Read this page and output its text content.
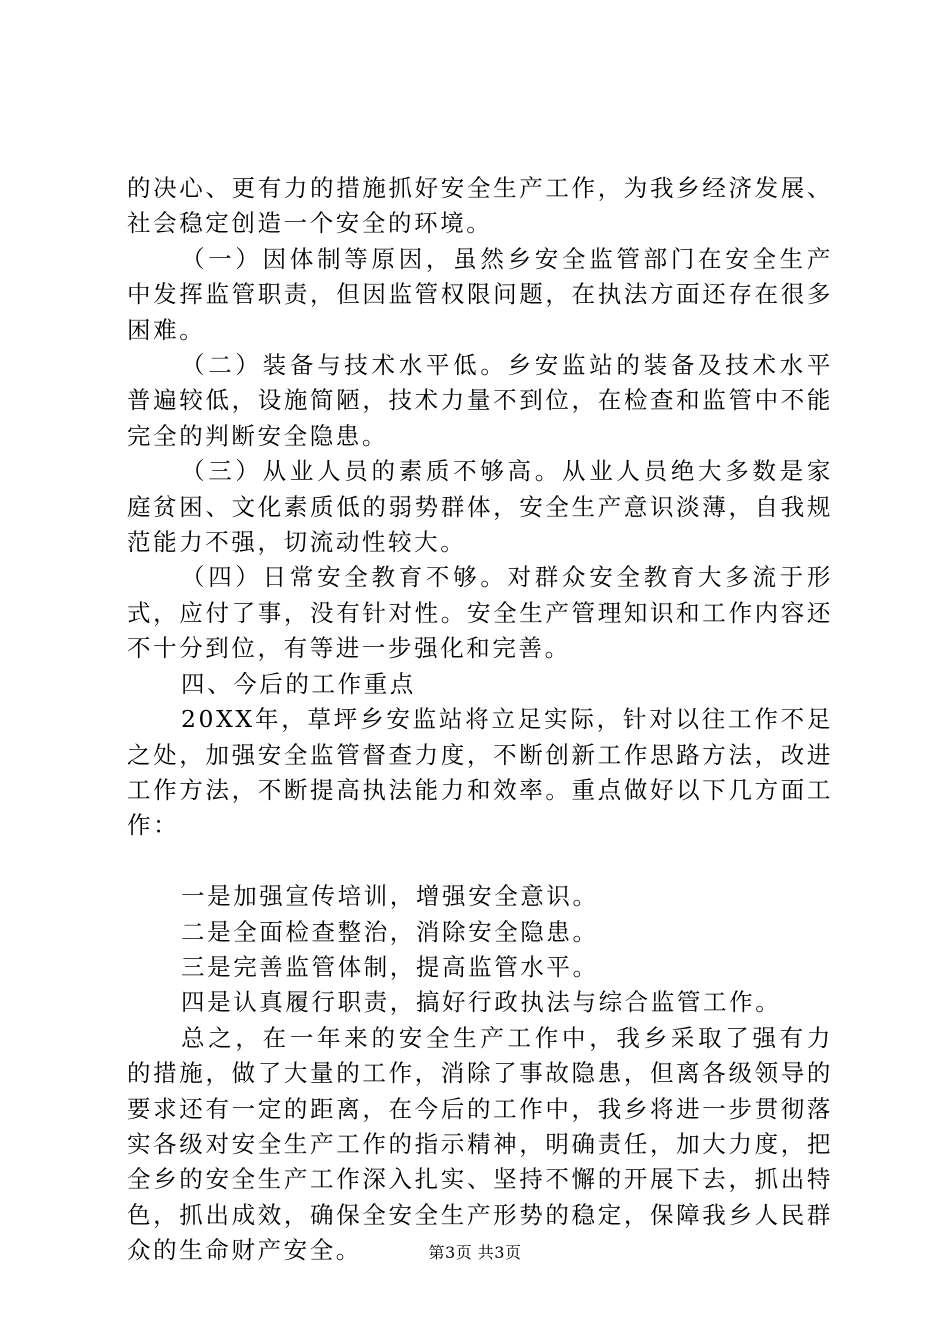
的决心、更有力的措施抓好安全生产工作，为我乡经济发展、社会稳定创造一个安全的环境。

（一）因体制等原因，虽然乡安全监管部门在安全生产中发挥监管职责，但因监管权限问题，在执法方面还存在很多困难。

（二）装备与技术水平低。乡安监站的装备及技术水平普遍较低，设施简陋，技术力量不到位，在检查和监管中不能完全的判断安全隐患。

（三）从业人员的素质不够高。从业人员绝大多数是家庭贫困、文化素质低的弱势群体，安全生产意识淡薄，自我规范能力不强，切流动性较大。

（四）日常安全教育不够。对群众安全教育大多流于形式，应付了事，没有针对性。安全生产管理知识和工作内容还不十分到位，有等进一步强化和完善。

四、今后的工作重点

20XX年，草坪乡安监站将立足实际，针对以往工作不足之处，加强安全监管督查力度，不断创新工作思路方法，改进工作方法，不断提高执法能力和效率。重点做好以下几方面工作：

一是加强宣传培训，增强安全意识。

二是全面检查整治，消除安全隐患。

三是完善监管体制，提高监管水平。

四是认真履行职责，搞好行政执法与综合监管工作。

总之，在一年来的安全生产工作中，我乡采取了强有力的措施，做了大量的工作，消除了事故隐患，但离各级领导的要求还有一定的距离，在今后的工作中，我乡将进一步贯彻落实各级对安全生产工作的指示精神，明确责任，加大力度，把全乡的安全生产工作深入扎实、坚持不懈的开展下去，抓出特色，抓出成效，确保全安全生产形势的稳定，保障我乡人民群众的生命财产安全。	第3页 共3页
